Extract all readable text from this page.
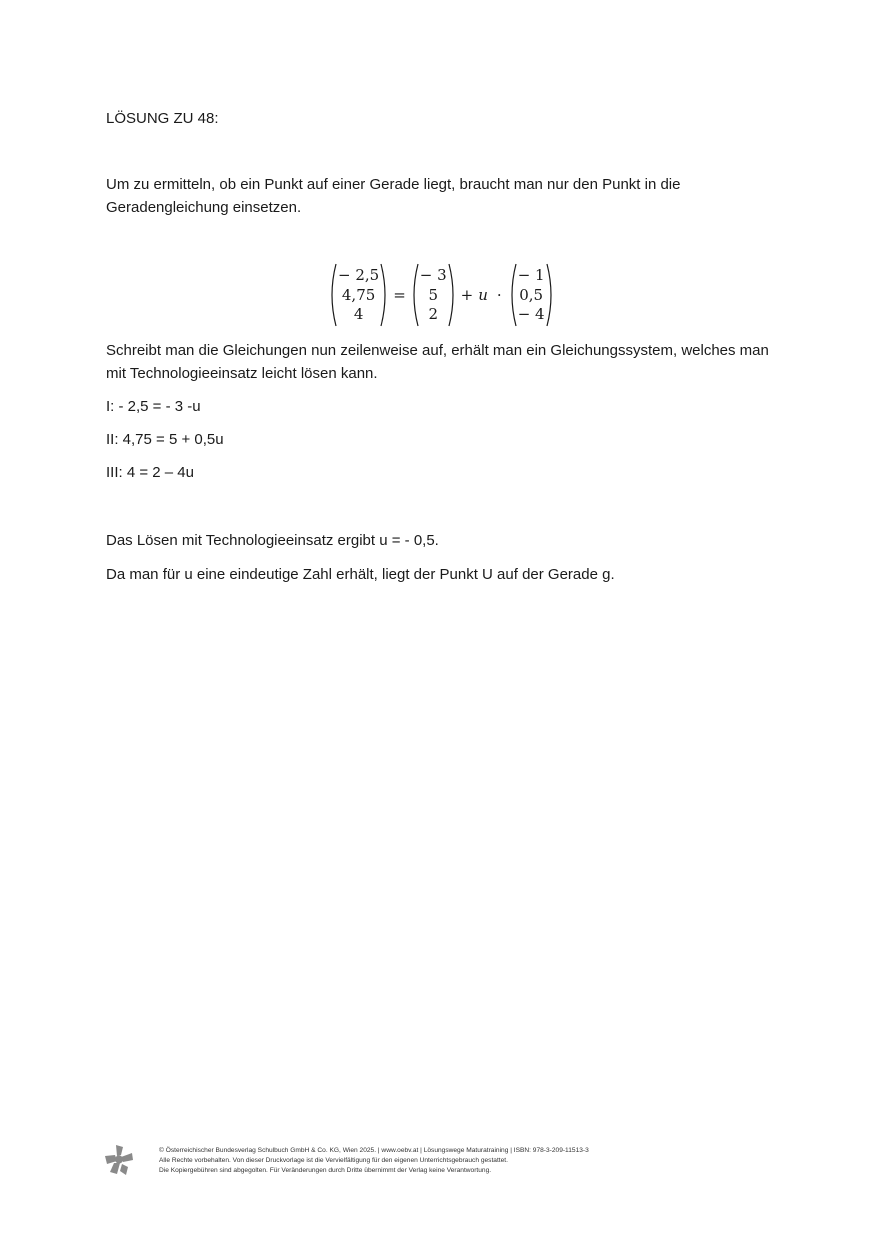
LÖSUNG ZU 48:

Um zu ermitteln, ob ein Punkt auf einer Gerade liegt, braucht man nur den Punkt in die Geradengleichung einsetzen.

− 2,5
4,75
4
=
− 3
5
2
+ u ·
− 1
0,5
− 4

Schreibt man die Gleichungen nun zeilenweise auf, erhält man ein Gleichungssystem, welches man mit Technologieeinsatz leicht lösen kann.

I: - 2,5 = - 3 -u

II: 4,75 = 5 + 0,5u

III: 4 = 2 – 4u

Das Lösen mit Technologieeinsatz ergibt u = - 0,5.

Da man für u eine eindeutige Zahl erhält, liegt der Punkt U auf der Gerade g.

© Österreichischer Bundesverlag Schulbuch GmbH & Co. KG, Wien 2025. | www.oebv.at | Lösungswege Maturatraining | ISBN: 978-3-209-11513-3
Alle Rechte vorbehalten. Von dieser Druckvorlage ist die Vervielfältigung für den eigenen Unterrichtsgebrauch gestattet.
Die Kopiergebühren sind abgegolten. Für Veränderungen durch Dritte übernimmt der Verlag keine Verantwortung.
